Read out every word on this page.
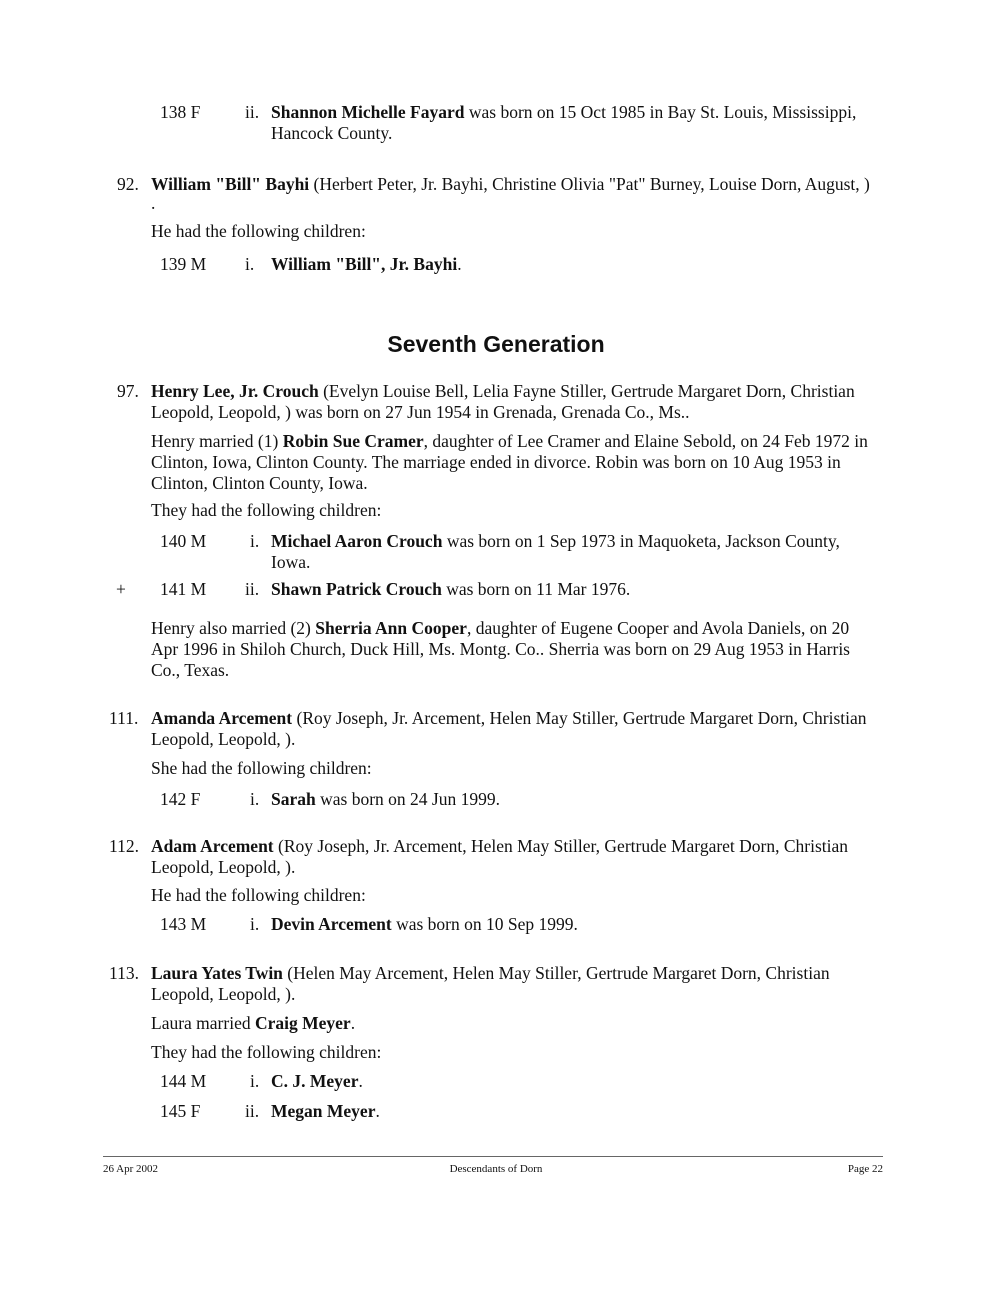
138 F	ii. Shannon Michelle Fayard was born on 15 Oct 1985 in Bay St. Louis, Mississippi,
Hancock County.
92. William "Bill" Bayhi (Herbert Peter, Jr. Bayhi, Christine Olivia "Pat" Burney, Louise Dorn, August, )
.
He had the following children:
139 M i. William "Bill", Jr. Bayhi.
Seventh Generation
97. Henry Lee, Jr. Crouch (Evelyn Louise Bell, Lelia Fayne Stiller, Gertrude Margaret Dorn, Christian
Leopold, Leopold, ) was born on 27 Jun 1954 in Grenada, Grenada Co., Ms..
Henry married (1) Robin Sue Cramer, daughter of Lee Cramer and Elaine Sebold, on 24 Feb 1972 in
Clinton, Iowa, Clinton County. The marriage ended in divorce. Robin was born on 10 Aug 1953 in
Clinton, Clinton County, Iowa.
They had the following children:
140 M	i. Michael Aaron Crouch was born on 1 Sep 1973 in Maquoketa, Jackson County,
Iowa.
+ 141 M ii. Shawn Patrick Crouch was born on 11 Mar 1976.
Henry also married (2) Sherria Ann Cooper, daughter of Eugene Cooper and Avola Daniels, on 20
Apr 1996 in Shiloh Church, Duck Hill, Ms. Montg. Co.. Sherria was born on 29 Aug 1953 in Harris
Co., Texas.
111. Amanda Arcement (Roy Joseph, Jr. Arcement, Helen May Stiller, Gertrude Margaret Dorn, Christian
Leopold, Leopold, ).
She had the following children:
142 F	i. Sarah was born on 24 Jun 1999.
112. Adam Arcement (Roy Joseph, Jr. Arcement, Helen May Stiller, Gertrude Margaret Dorn, Christian
Leopold, Leopold, ).
He had the following children:
143 M	i. Devin Arcement was born on 10 Sep 1999.
113. Laura Yates Twin (Helen May Arcement, Helen May Stiller, Gertrude Margaret Dorn, Christian
Leopold, Leopold, ).
Laura married Craig Meyer.
They had the following children:
144 M	i. C. J. Meyer.
145 F	ii. Megan Meyer.
26 Apr 2002	Descendants of Dorn	Page 22
